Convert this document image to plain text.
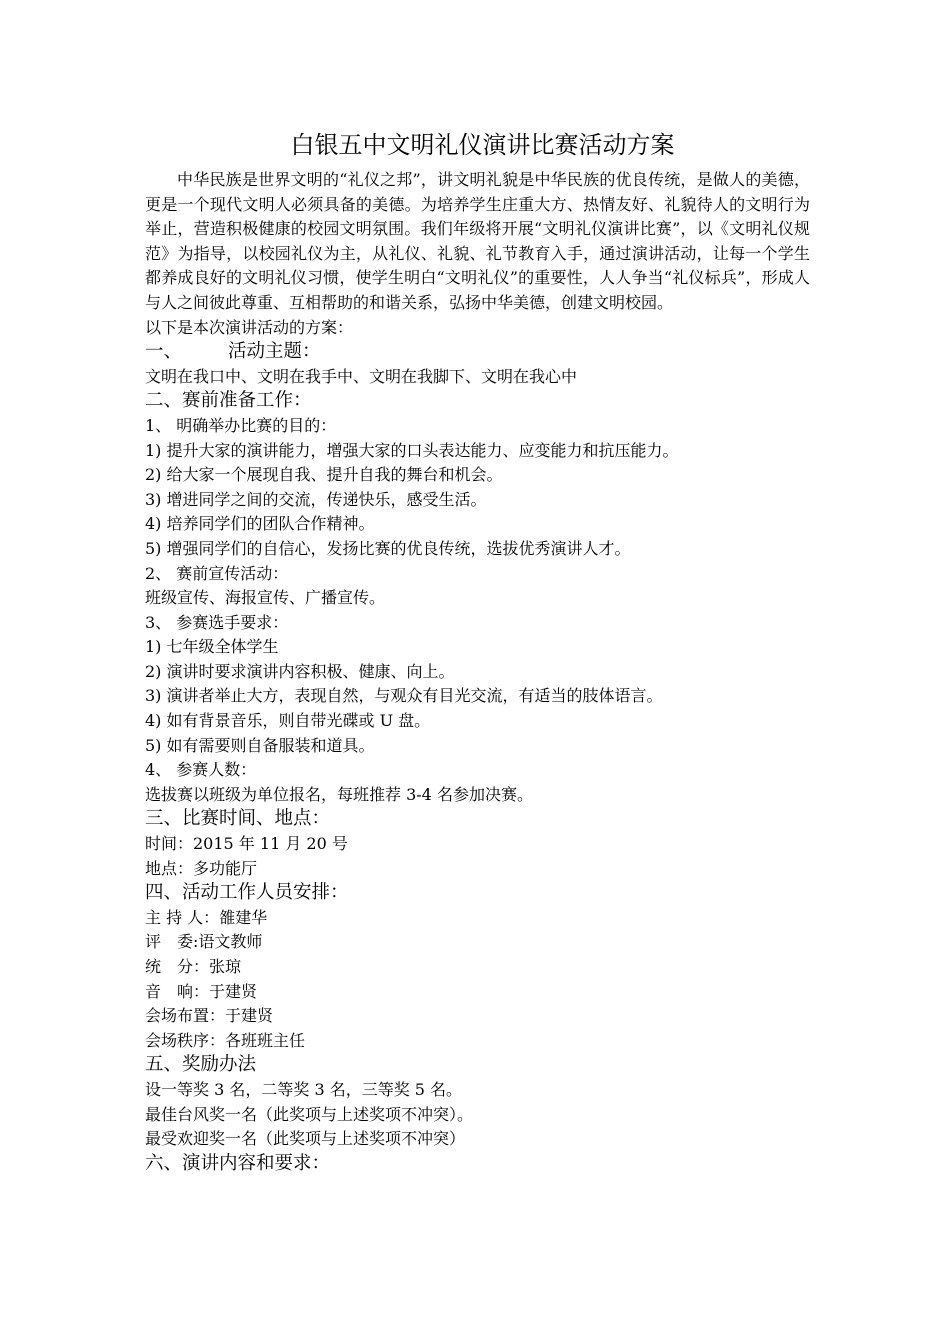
白银五中文明礼仪演讲比赛活动方案

中华民族是世界文明的“礼仪之邦”，讲文明礼貌是中华民族的优良传统，是做人的美德，更是一个现代文明人必须具备的美德。为培养学生庄重大方、热情友好、礼貌待人的文明行为举止，营造积极健康的校园文明氛围。我们年级将开展“文明礼仪演讲比赛”，以《文明礼仪规范》为指导，以校园礼仪为主，从礼仪、礼貌、礼节教育入手，通过演讲活动，让每一个学生都养成良好的文明礼仪习惯，使学生明白“文明礼仪”的重要性，人人争当“礼仪标兵”，形成人与人之间彼此尊重、互相帮助的和谐关系，弘扬中华美德，创建文明校园。

以下是本次演讲活动的方案：
一、 活动主题：
文明在我口中、文明在我手中、文明在我脚下、文明在我心中
二、赛前准备工作：
1、 明确举办比赛的目的：
1) 提升大家的演讲能力，增强大家的口头表达能力、应变能力和抗压能力。
2) 给大家一个展现自我、提升自我的舞台和机会。
3) 增进同学之间的交流，传递快乐，感受生活。
4) 培养同学们的团队合作精神。
5) 增强同学们的自信心，发扬比赛的优良传统，选拔优秀演讲人才。
2、 赛前宣传活动：
班级宣传、海报宣传、广播宣传。
3、 参赛选手要求：
1) 七年级全体学生
2) 演讲时要求演讲内容积极、健康、向上。
3) 演讲者举止大方，表现自然，与观众有目光交流，有适当的肢体语言。
4) 如有背景音乐，则自带光碟或 U 盘。
5) 如有需要则自备服装和道具。
4、 参赛人数：
选拔赛以班级为单位报名，每班推荐 3-4 名参加决赛。
三、比赛时间、地点：
时间：2015 年 11 月 20 号
地点：多功能厅
四、活动工作人员安排：
主 持 人：雒建华
评　委:语文教师
统　分：张琼
音　响：于建贤
会场布置：于建贤
会场秩序：各班班主任
五、奖励办法
设一等奖 3 名，二等奖 3 名，三等奖 5 名。
最佳台风奖一名（此奖项与上述奖项不冲突）。
最受欢迎奖一名（此奖项与上述奖项不冲突）
六、演讲内容和要求：
